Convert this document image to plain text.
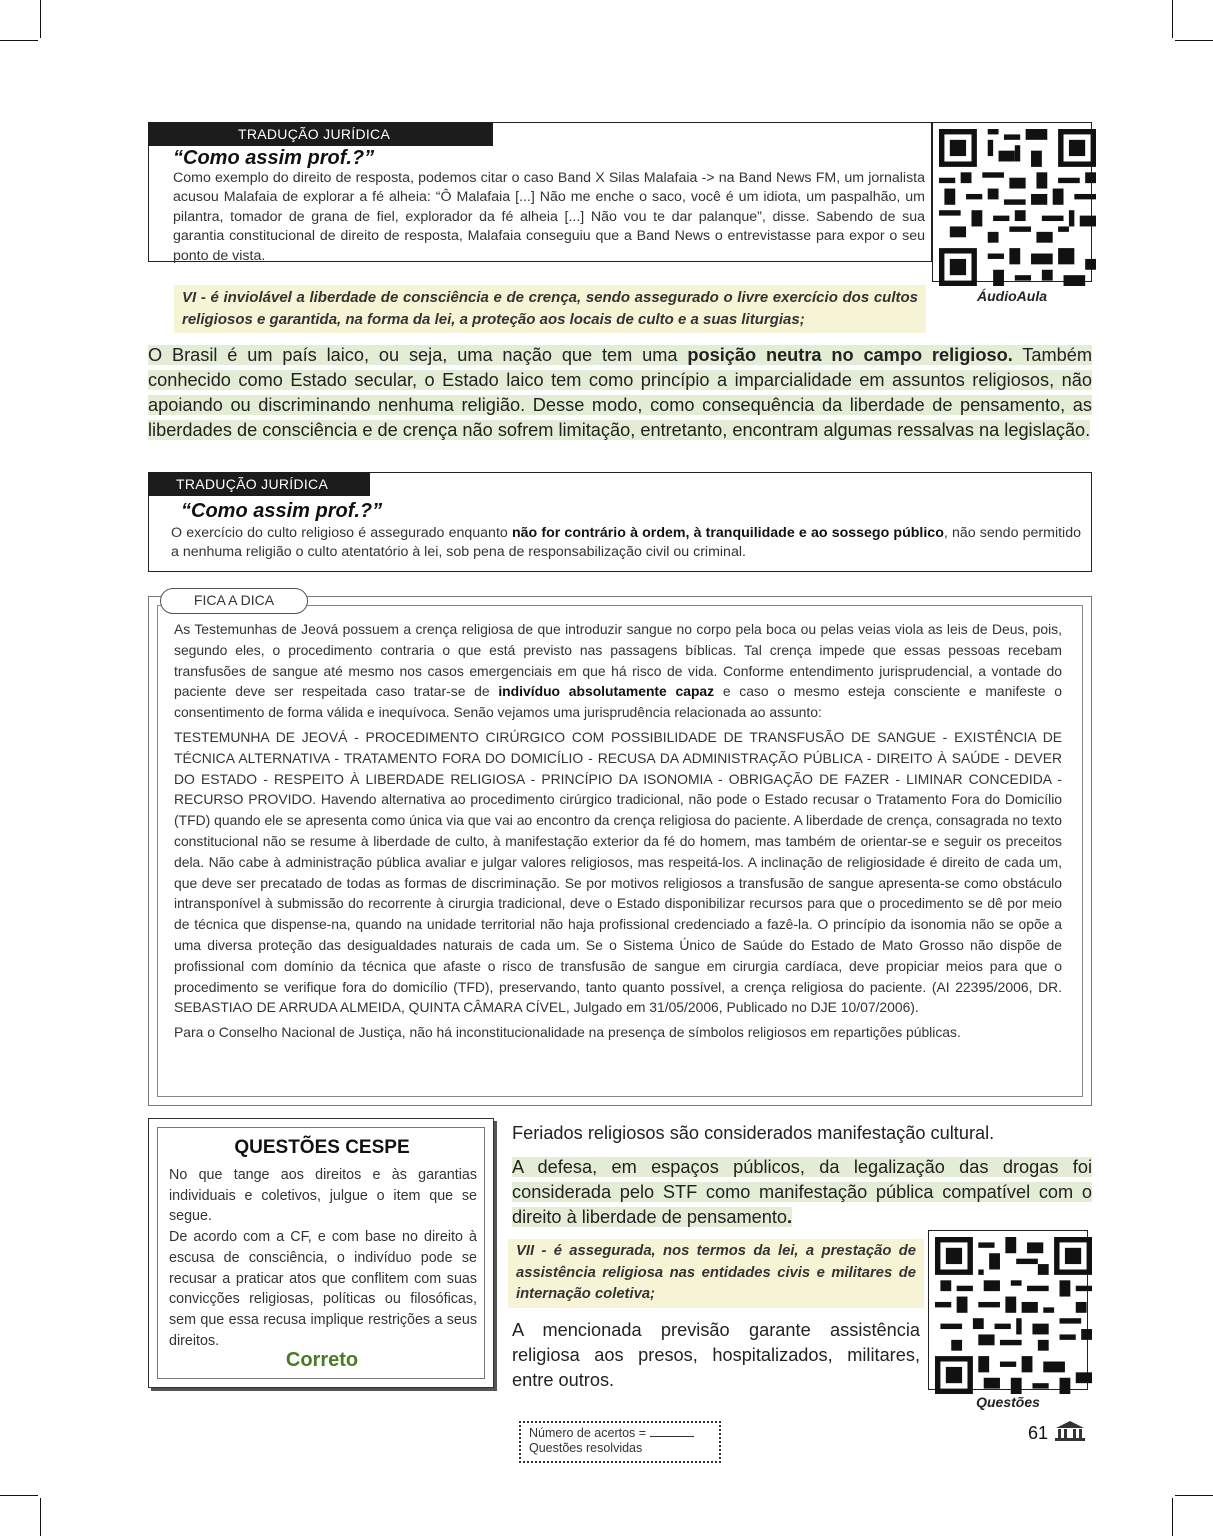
TRADUÇÃO JURÍDICA
“Como assim prof.?”
Como exemplo do direito de resposta, podemos citar o caso Band X Silas Malafaia -> na Band News FM, um jornalista acusou Malafaia de explorar a fé alheia: “Ô Malafaia [...] Não me enche o saco, você é um idiota, um paspalhão, um pilantra, tomador de grana de fiel, explorador da fé alheia [...] Não vou te dar palanque”, disse. Sabendo de sua garantia constitucional de direito de resposta, Malafaia conseguiu que a Band News o entrevistasse para expor o seu ponto de vista.
ÁudioAula
VI - é inviolável a liberdade de consciência e de crença, sendo assegurado o livre exercício dos cultos religiosos e garantida, na forma da lei, a proteção aos locais de culto e a suas liturgias;
O Brasil é um país laico, ou seja, uma nação que tem uma posição neutra no campo religioso. Também conhecido como Estado secular, o Estado laico tem como princípio a imparcialidade em assuntos religiosos, não apoiando ou discriminando nenhuma religião. Desse modo, como consequência da liberdade de pensamento, as liberdades de consciência e de crença não sofrem limitação, entretanto, encontram algumas ressalvas na legislação.
TRADUÇÃO JURÍDICA
“Como assim prof.?”
O exercício do culto religioso é assegurado enquanto não for contrário à ordem, à tranquilidade e ao sossego público, não sendo permitido a nenhuma religião o culto atentatório à lei, sob pena de responsabilização civil ou criminal.

As Testemunhas de Jeová possuem a crença religiosa de que introduzir sangue no corpo pela boca ou pelas veias viola as leis de Deus, pois, segundo eles, o procedimento contraria o que está previsto nas passagens bíblicas. Tal crença impede que essas pessoas recebam transfusões de sangue até mesmo nos casos emergenciais em que há risco de vida. Conforme entendimento jurisprudencial, a vontade do paciente deve ser respeitada caso tratar-se de indivíduo absolutamente capaz e caso o mesmo esteja consciente e manifeste o consentimento de forma válida e inequívoca. Senão vejamos uma jurisprudência relacionada ao assunto:

TESTEMUNHA DE JEOVÁ - PROCEDIMENTO CIRÚRGICO COM POSSIBILIDADE DE TRANSFUSÃO DE SANGUE - EXISTÊNCIA DE TÉCNICA ALTERNATIVA - TRATAMENTO FORA DO DOMICÍLIO - RECUSA DA ADMINISTRAÇÃO PÚBLICA - DIREITO À SAÚDE - DEVER DO ESTADO - RESPEITO À LIBERDADE RELIGIOSA - PRINCÍPIO DA ISONOMIA - OBRIGAÇÃO DE FAZER - LIMINAR CONCEDIDA - RECURSO PROVIDO. Havendo alternativa ao procedimento cirúrgico tradicional, não pode o Estado recusar o Tratamento Fora do Domicílio (TFD) quando ele se apresenta como única via que vai ao encontro da crença religiosa do paciente. A liberdade de crença, consagrada no texto constitucional não se resume à liberdade de culto, à manifestação exterior da fé do homem, mas também de orientar-se e seguir os preceitos dela. Não cabe à administração pública avaliar e julgar valores religiosos, mas respeitá-los. A inclinação de religiosidade é direito de cada um, que deve ser precatado de todas as formas de discriminação. Se por motivos religiosos a transfusão de sangue apresenta-se como obstáculo intransponível à submissão do recorrente à cirurgia tradicional, deve o Estado disponibilizar recursos para que o procedimento se dê por meio de técnica que dispense-na, quando na unidade territorial não haja profissional credenciado a fazê-la. O princípio da isonomia não se opõe a uma diversa proteção das desigualdades naturais de cada um. Se o Sistema Único de Saúde do Estado de Mato Grosso não dispõe de profissional com domínio da técnica que afaste o risco de transfusão de sangue em cirurgia cardíaca, deve propiciar meios para que o procedimento se verifique fora do domicílio (TFD), preservando, tanto quanto possível, a crença religiosa do paciente. (AI 22395/2006, DR. SEBASTIAO DE ARRUDA ALMEIDA, QUINTA CÂMARA CÍVEL, Julgado em 31/05/2006, Publicado no DJE 10/07/2006).

Para o Conselho Nacional de Justiça, não há inconstitucionalidade na presença de símbolos religiosos em repartições públicas.

FICA A DICA
QUESTÕES CESPE
No que tange aos direitos e às garantias individuais e coletivos, julgue o item que se segue.
De acordo com a CF, e com base no direito à escusa de consciência, o indivíduo pode se recusar a praticar atos que conflitem com suas convicções religiosas, políticas ou filosóficas, sem que essa recusa implique restrições a seus direitos.
Correto
Feriados religiosos são considerados manifestação cultural.
A defesa, em espaços públicos, da legalização das drogas foi considerada pelo STF como manifestação pública compatível com o direito à liberdade de pensamento.
VII - é assegurada, nos termos da lei, a prestação de assistência religiosa nas entidades civis e militares de internação coletiva;
A mencionada previsão garante assistência religiosa aos presos, hospitalizados, militares, entre outros.
Questões
Número de acertos =
Questões resolvidas
61
